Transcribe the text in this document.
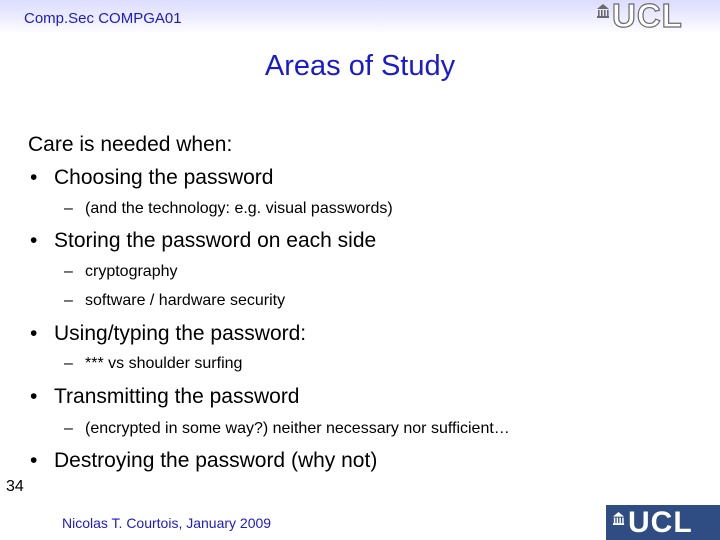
Comp.Sec COMPGA01	UCL
Areas of Study
Care is needed when:
• Choosing the password
– (and the technology: e.g. visual passwords)
• Storing the password on each side
– cryptography
– software / hardware security
• Using/typing the password:
– *** vs shoulder surfing
• Transmitting the password
– (encrypted in some way?) neither necessary nor sufficient…
• Destroying the password (why not)
34
Nicolas T. Courtois, January 2009	UCL
